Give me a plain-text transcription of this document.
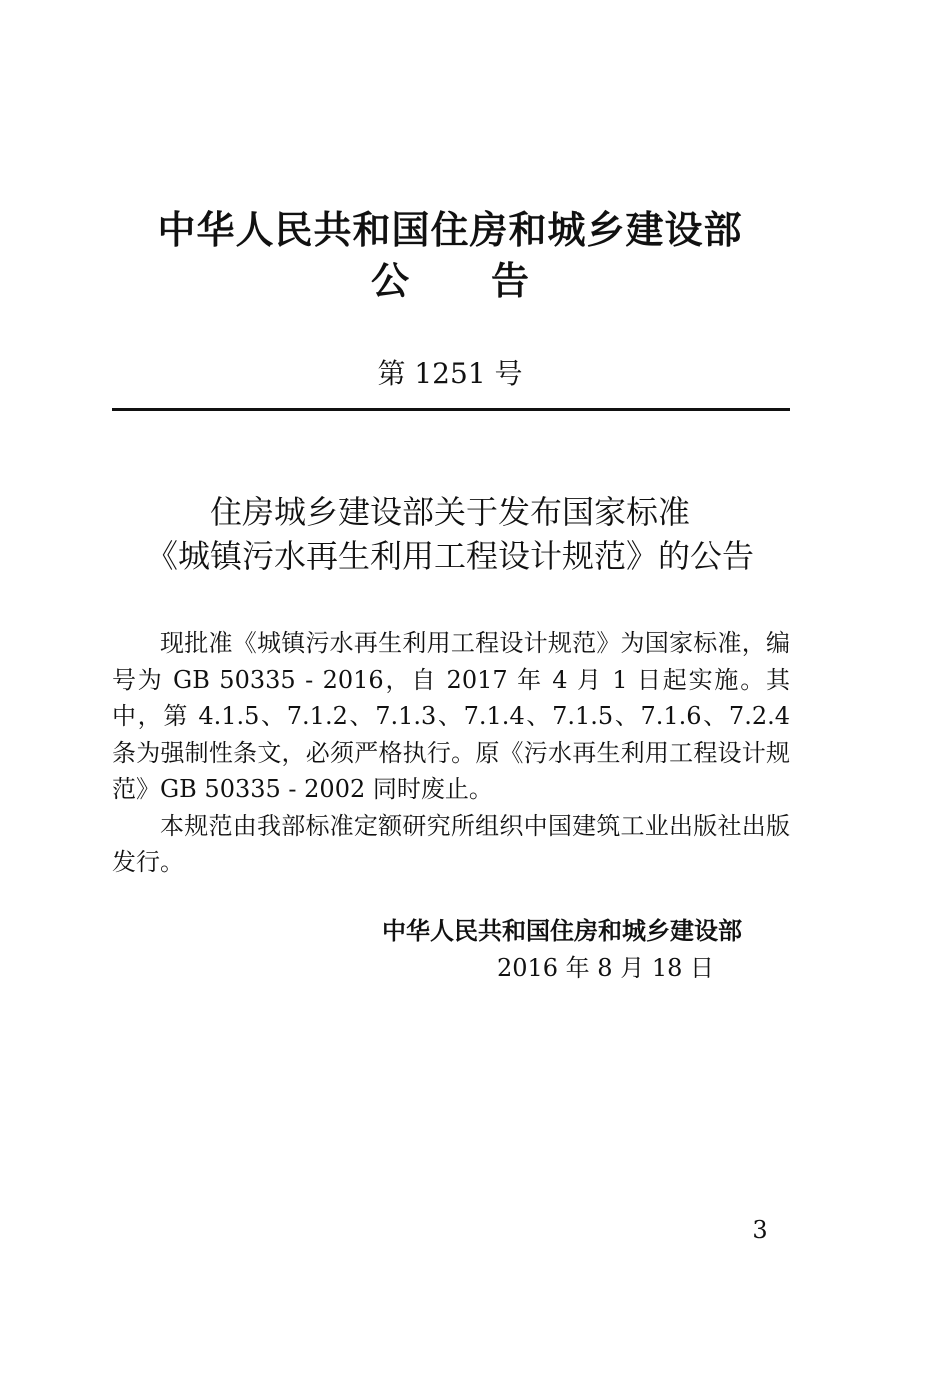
中华人民共和国住房和城乡建设部
公 告
第 1251 号
住房城乡建设部关于发布国家标准
《城镇污水再生利用工程设计规范》的公告

现批准《城镇污水再生利用工程设计规范》为国家标准，编号为 GB 50335 - 2016，自 2017 年 4 月 1 日起实施。其中，第 4.1.5、7.1.2、7.1.3、7.1.4、7.1.5、7.1.6、7.2.4 条为强制性条文，必须严格执行。原《污水再生利用工程设计规范》GB 50335 - 2002 同时废止。

本规范由我部标准定额研究所组织中国建筑工业出版社出版发行。

中华人民共和国住房和城乡建设部
2016 年 8 月 18 日
3
